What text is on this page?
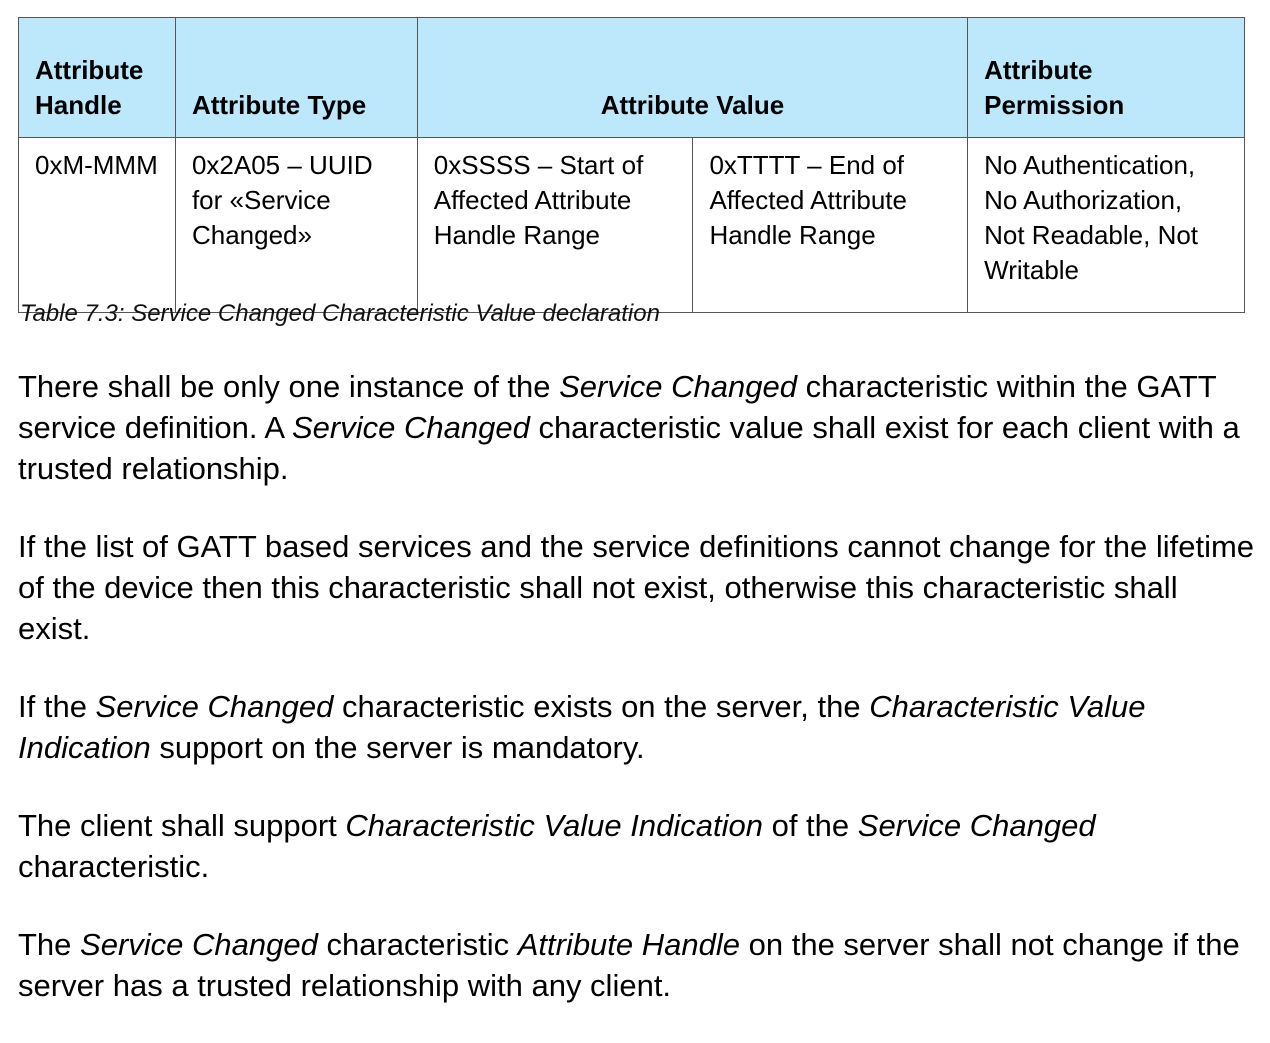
Attribute Handle	Attribute Type	Attribute Value		Attribute Permission
0xM-MMM	0x2A05 – UUID for «Service Changed»	0xSSSS – Start of Affected Attribute Handle Range	0xTTTT – End of Affected Attribute Handle Range	No Authentication, No Authorization, Not Readable, Not Writable
Table 7.3: Service Changed Characteristic Value declaration

There shall be only one instance of the Service Changed characteristic within the GATT service definition. A Service Changed characteristic value shall exist for each client with a trusted relationship.

If the list of GATT based services and the service definitions cannot change for the lifetime of the device then this characteristic shall not exist, otherwise this characteristic shall exist.

If the Service Changed characteristic exists on the server, the Characteristic Value Indication support on the server is mandatory.

The client shall support Characteristic Value Indication of the Service Changed characteristic.

The Service Changed characteristic Attribute Handle on the server shall not change if the server has a trusted relationship with any client.
